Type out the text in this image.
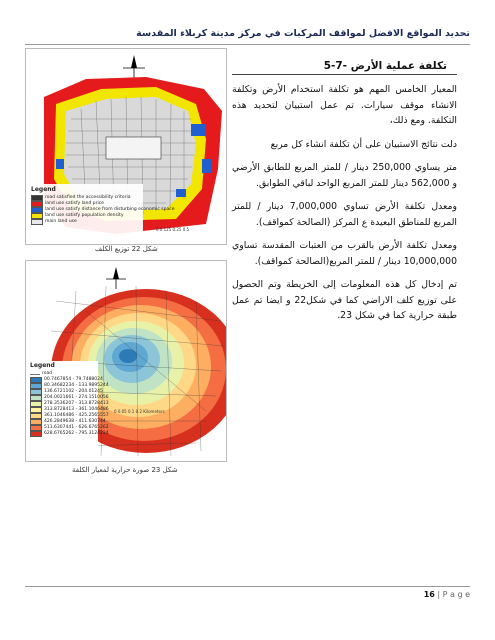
تحديد المواقع الافضل لمواقف المركبات في مركز مدينة كربلاء المقدسة
5-7- تكلفة عملية الأرض

المعيار الخامس المهم هو تكلفة استخدام الأرض وتكلفة الانشاء موقف سيارات. تم عمل استبيان لتحديد هذه التكلفة. ومع ذلك،

دلت نتائج الاستبيان على أن تكلفة انشاء كل مربع

متر يساوي 250,000 دينار / للمتر المربع للطابق الأرضي و 562,000 دينار للمتر المربع الواحد لباقي الطوابق.

ومعدل تكلفة الأرض تساوي 7,000,000 دينار / للمتر المربع للمناطق البعيدة ع المركز (الصالحة كمواقف).

ومعدل تكلفة الأرض بالقرب من العتبات المقدسة تساوي 10,000,000 دينار / للمتر المربع(الصالحة كمواقف).

تم إدخال كل هذه المعلومات إلى الخريطة وتم الحصول على توزيع كلف الاراضي كما في شكل22 و ايضا تم عمل طبقة حرارية كما في شكل 23.

Legend
road satisfied the accessibility criteria
land use satisfy land price
land use satisfy distance from disturbing economic space
land use satisfy population density
main land use
0 0.125 0.25 0.5
شكل 22 توزيع الكلف
Legend
road
00.7467854 - 79.7488024
80.34682234 - 133.9895244
136.6721102 - 204.01245
204.0021661 - 274.1510056
278.3536207 - 313.8728413
313.8728413 - 361.1046486
361.1046486 - 425.2565557
426.2849638 - 411.630744
511.6307441 - 626.6765262
628.6765262 - 795.3124224
0 0.05 0.1 0.2 Kilometers
شكل 23 صورة حرارية لمعيار الكلفة
16 | P a g e
